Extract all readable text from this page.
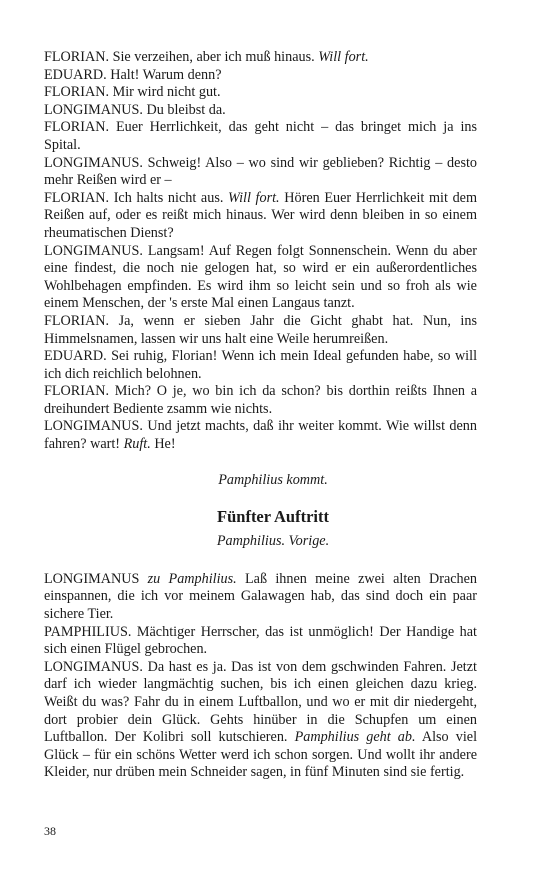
FLORIAN. Sie verzeihen, aber ich muß hinaus. Will fort.
EDUARD. Halt! Warum denn?
FLORIAN. Mir wird nicht gut.
LONGIMANUS. Du bleibst da.
FLORIAN. Euer Herrlichkeit, das geht nicht – das bringet mich ja ins Spital.
LONGIMANUS. Schweig! Also – wo sind wir geblieben? Richtig – desto mehr Reißen wird er –
FLORIAN. Ich halts nicht aus. Will fort. Hören Euer Herrlichkeit mit dem Reißen auf, oder es reißt mich hinaus. Wer wird denn bleiben in so einem rheumatischen Dienst?
LONGIMANUS. Langsam! Auf Regen folgt Sonnenschein. Wenn du aber eine findest, die noch nie gelogen hat, so wird er ein außerordentliches Wohlbehagen empfinden. Es wird ihm so leicht sein und so froh als wie einem Menschen, der 's erste Mal einen Langaus tanzt.
FLORIAN. Ja, wenn er sieben Jahr die Gicht ghabt hat. Nun, ins Himmelsnamen, lassen wir uns halt eine Weile herumreißen.
EDUARD. Sei ruhig, Florian! Wenn ich mein Ideal gefunden habe, so will ich dich reichlich belohnen.
FLORIAN. Mich? O je, wo bin ich da schon? bis dorthin reißts Ihnen a dreihundert Bediente zsamm wie nichts.
LONGIMANUS. Und jetzt machts, daß ihr weiter kommt. Wie willst denn fahren? wart! Ruft. He!
Pamphilius kommt.
Fünfter Auftritt
Pamphilius. Vorige.
LONGIMANUS zu Pamphilius. Laß ihnen meine zwei alten Drachen einspannen, die ich vor meinem Galawagen hab, das sind doch ein paar sichere Tier.
PAMPHILIUS. Mächtiger Herrscher, das ist unmöglich! Der Handige hat sich einen Flügel gebrochen.
LONGIMANUS. Da hast es ja. Das ist von dem gschwinden Fahren. Jetzt darf ich wieder langmächtig suchen, bis ich einen gleichen dazu krieg. Weißt du was? Fahr du in einem Luftballon, und wo er mit dir niedergeht, dort probier dein Glück. Gehts hinüber in die Schupfen um einen Luftballon. Der Kolibri soll kutschieren. Pamphilius geht ab. Also viel Glück – für ein schöns Wetter werd ich schon sorgen. Und wollt ihr andere Kleider, nur drüben mein Schneider sagen, in fünf Minuten sind sie fertig.
38
